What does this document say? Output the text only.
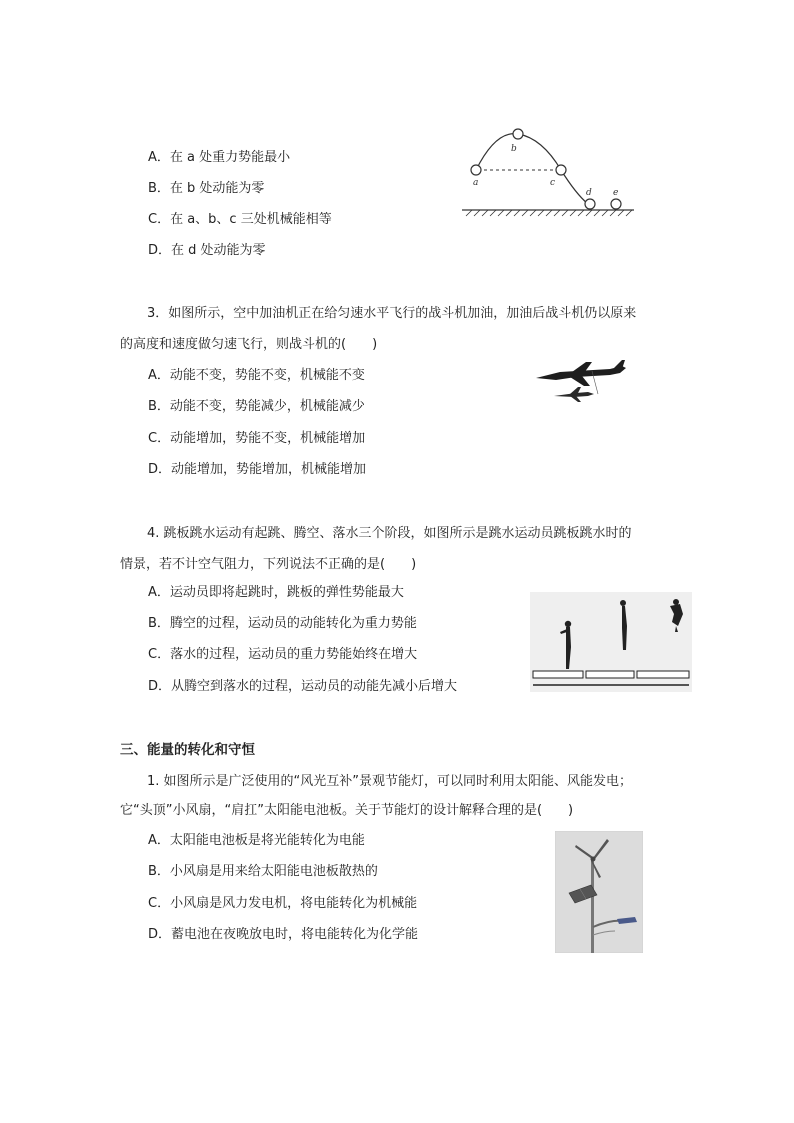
A．在 a 处重力势能最小
B．在 b 处动能为零
C．在 a、b、c 三处机械能相等
D．在 d 处动能为零
a
b
c
d e
3．如图所示，空中加油机正在给匀速水平飞行的战斗机加油，加油后战斗机仍以原来
的高度和速度做匀速飞行，则战斗机的(　　)
A．动能不变，势能不变，机械能不变
B．动能不变，势能减少，机械能减少
C．动能增加，势能不变，机械能增加
D．动能增加，势能增加，机械能增加
4. 跳板跳水运动有起跳、腾空、落水三个阶段，如图所示是跳水运动员跳板跳水时的
情景，若不计空气阻力，下列说法不正确的是(　　)
A．运动员即将起跳时，跳板的弹性势能最大
B．腾空的过程，运动员的动能转化为重力势能
C．落水的过程，运动员的重力势能始终在增大
D．从腾空到落水的过程，运动员的动能先减小后增大
三、能量的转化和守恒
1. 如图所示是广泛使用的“风光互补”景观节能灯，可以同时利用太阳能、风能发电；
它“头顶”小风扇，“肩扛”太阳能电池板。关于节能灯的设计解释合理的是(　　)
A．太阳能电池板是将光能转化为电能
B．小风扇是用来给太阳能电池板散热的
C．小风扇是风力发电机，将电能转化为机械能
D．蓄电池在夜晚放电时，将电能转化为化学能
